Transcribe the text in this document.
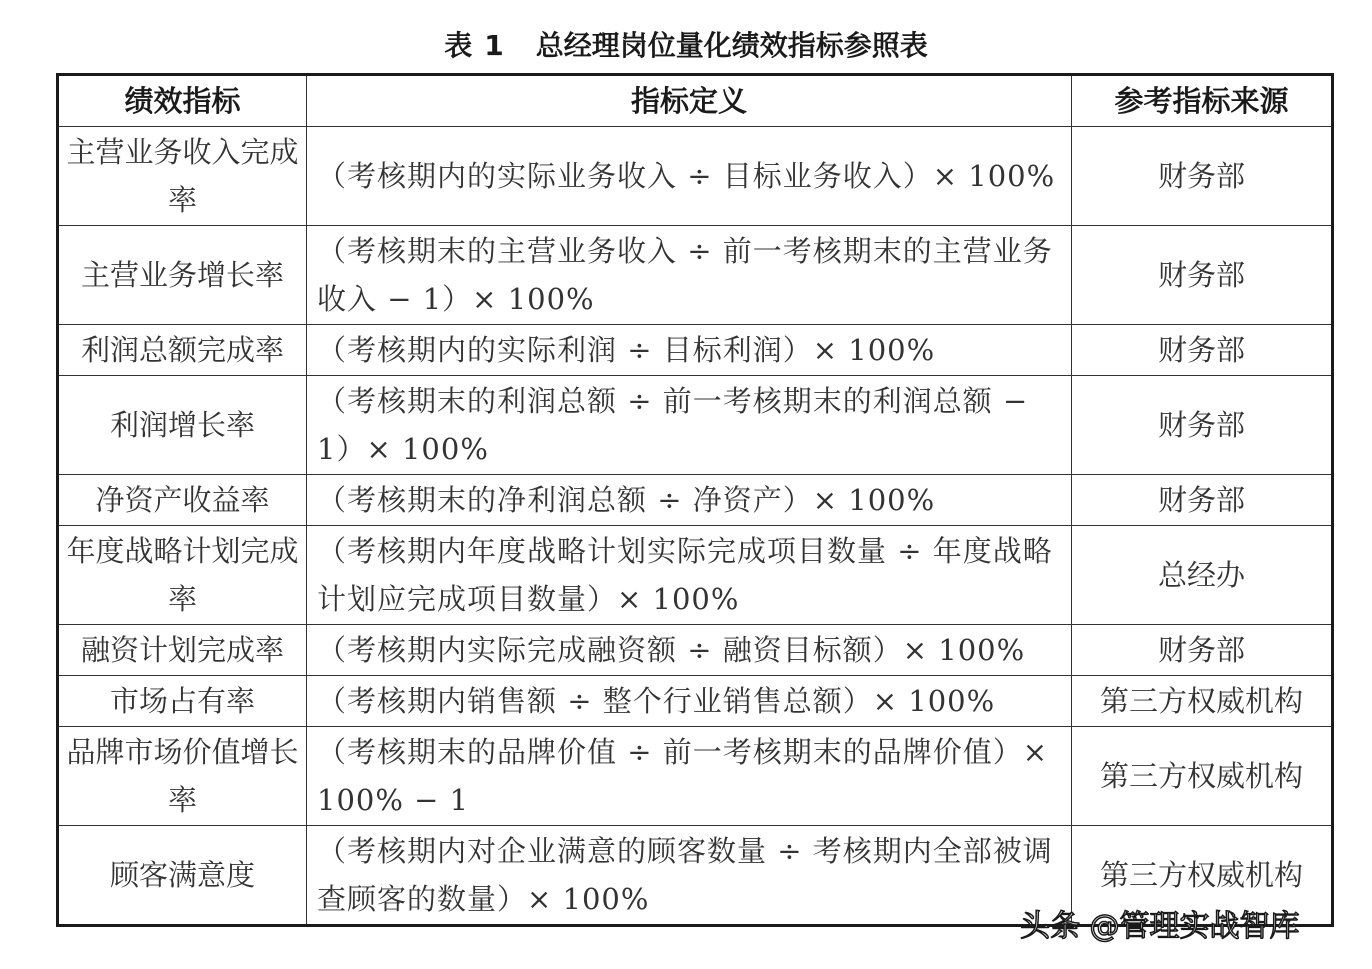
表 1 总经理岗位量化绩效指标参照表
绩效指标	指标定义	参考指标来源
主营业务收入完成率	（考核期内的实际业务收入 ÷ 目标业务收入）× 100%	财务部
主营业务增长率	（考核期末的主营业务收入 ÷ 前一考核期末的主营业务收入 − 1）× 100%	财务部
利润总额完成率	（考核期内的实际利润 ÷ 目标利润）× 100%	财务部
利润增长率	（考核期末的利润总额 ÷ 前一考核期末的利润总额 − 1）× 100%	财务部
净资产收益率	（考核期末的净利润总额 ÷ 净资产）× 100%	财务部
年度战略计划完成率	（考核期内年度战略计划实际完成项目数量 ÷ 年度战略计划应完成项目数量）× 100%	总经办
融资计划完成率	（考核期内实际完成融资额 ÷ 融资目标额）× 100%	财务部
市场占有率	（考核期内销售额 ÷ 整个行业销售总额）× 100%	第三方权威机构
品牌市场价值增长率	（考核期末的品牌价值 ÷ 前一考核期末的品牌价值）× 100% − 1	第三方权威机构
顾客满意度	（考核期内对企业满意的顾客数量 ÷ 考核期内全部被调查顾客的数量）× 100%	第三方权威机构
头条 @管理实战智库
